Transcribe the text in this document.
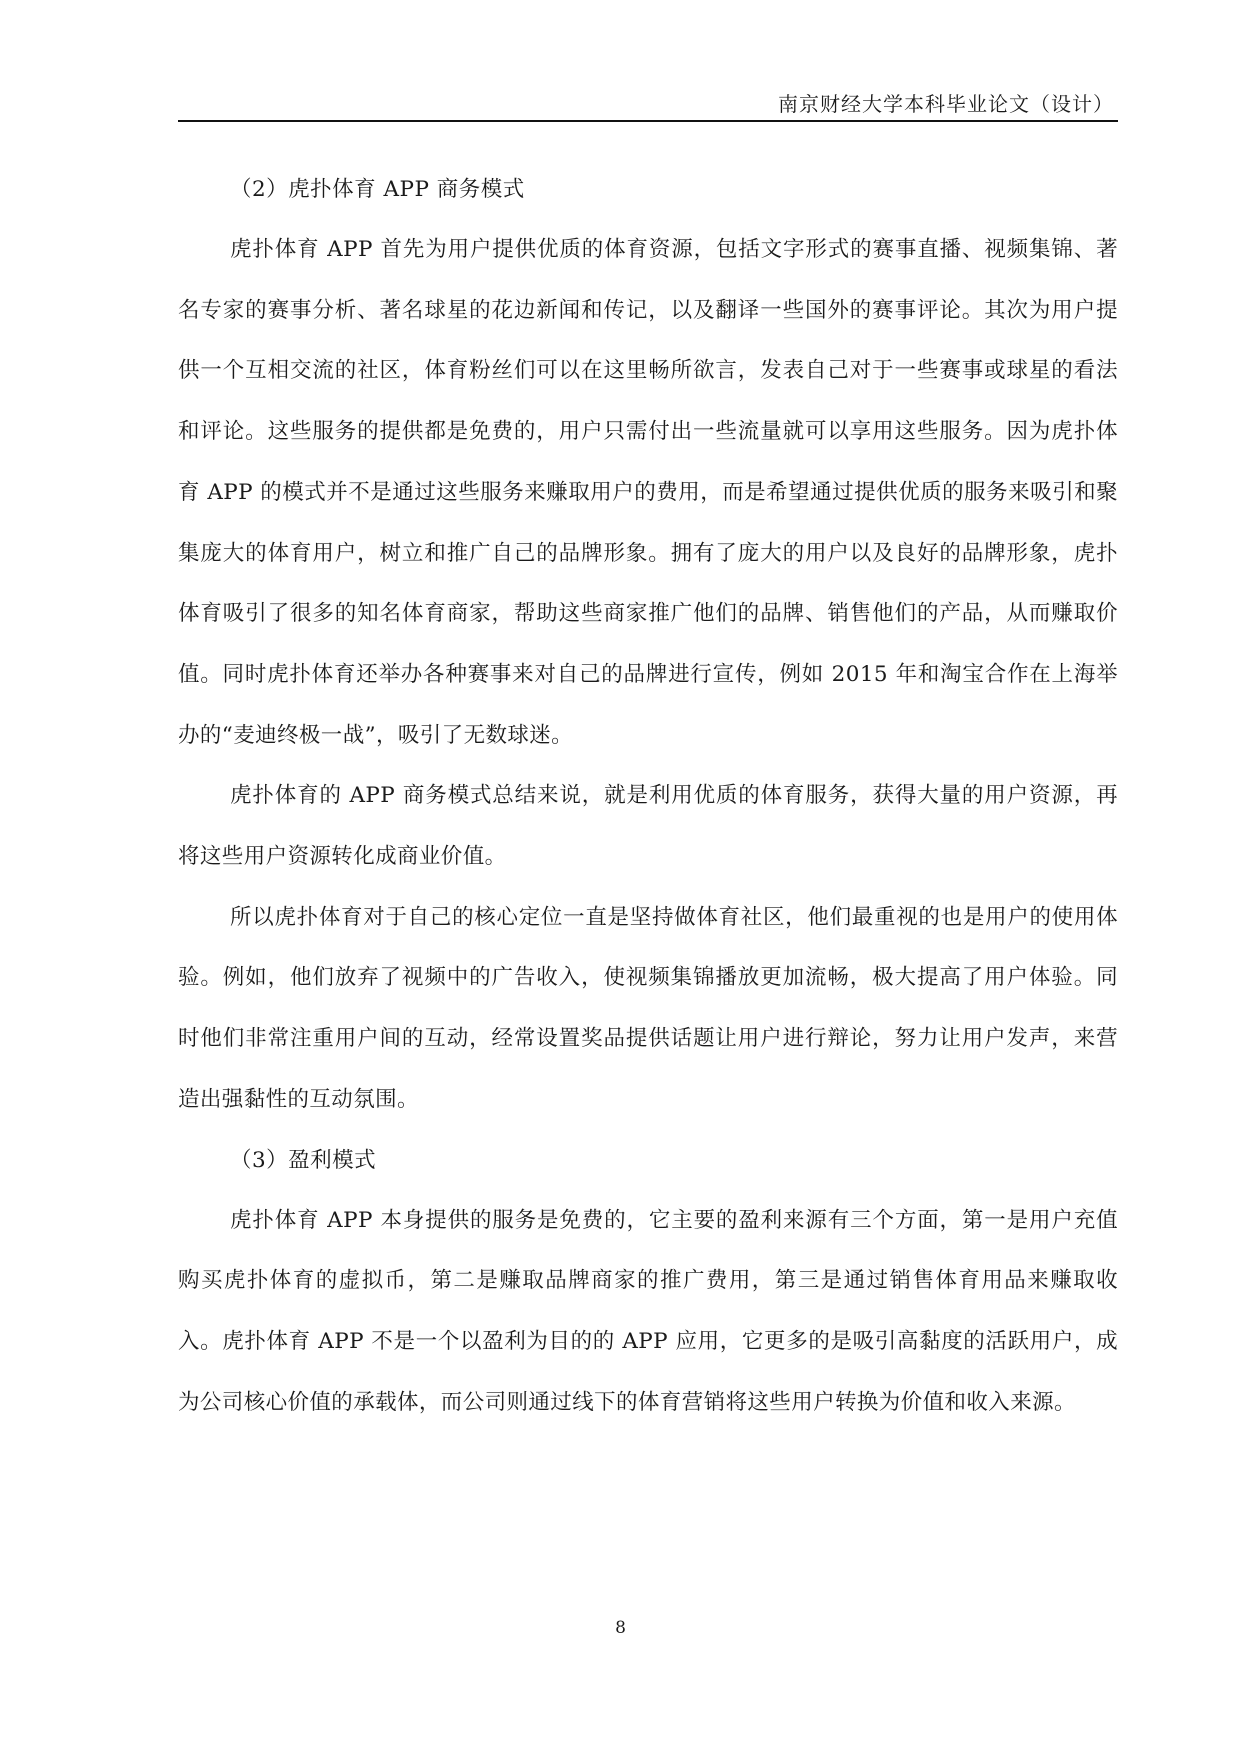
南京财经大学本科毕业论文（设计）

（2）虎扑体育 APP 商务模式

虎扑体育 APP 首先为用户提供优质的体育资源，包括文字形式的赛事直播、视频集锦、著名专家的赛事分析、著名球星的花边新闻和传记，以及翻译一些国外的赛事评论。其次为用户提供一个互相交流的社区，体育粉丝们可以在这里畅所欲言，发表自己对于一些赛事或球星的看法和评论。这些服务的提供都是免费的，用户只需付出一些流量就可以享用这些服务。因为虎扑体育 APP 的模式并不是通过这些服务来赚取用户的费用，而是希望通过提供优质的服务来吸引和聚集庞大的体育用户，树立和推广自己的品牌形象。拥有了庞大的用户以及良好的品牌形象，虎扑体育吸引了很多的知名体育商家，帮助这些商家推广他们的品牌、销售他们的产品，从而赚取价值。同时虎扑体育还举办各种赛事来对自己的品牌进行宣传，例如 2015 年和淘宝合作在上海举办的“麦迪终极一战”，吸引了无数球迷。

虎扑体育的 APP 商务模式总结来说，就是利用优质的体育服务，获得大量的用户资源，再将这些用户资源转化成商业价值。

所以虎扑体育对于自己的核心定位一直是坚持做体育社区，他们最重视的也是用户的使用体验。例如，他们放弃了视频中的广告收入，使视频集锦播放更加流畅，极大提高了用户体验。同时他们非常注重用户间的互动，经常设置奖品提供话题让用户进行辩论，努力让用户发声，来营造出强黏性的互动氛围。

（3）盈利模式

虎扑体育 APP 本身提供的服务是免费的，它主要的盈利来源有三个方面，第一是用户充值购买虎扑体育的虚拟币，第二是赚取品牌商家的推广费用，第三是通过销售体育用品来赚取收入。虎扑体育 APP 不是一个以盈利为目的的 APP 应用，它更多的是吸引高黏度的活跃用户，成为公司核心价值的承载体，而公司则通过线下的体育营销将这些用户转换为价值和收入来源。

8
